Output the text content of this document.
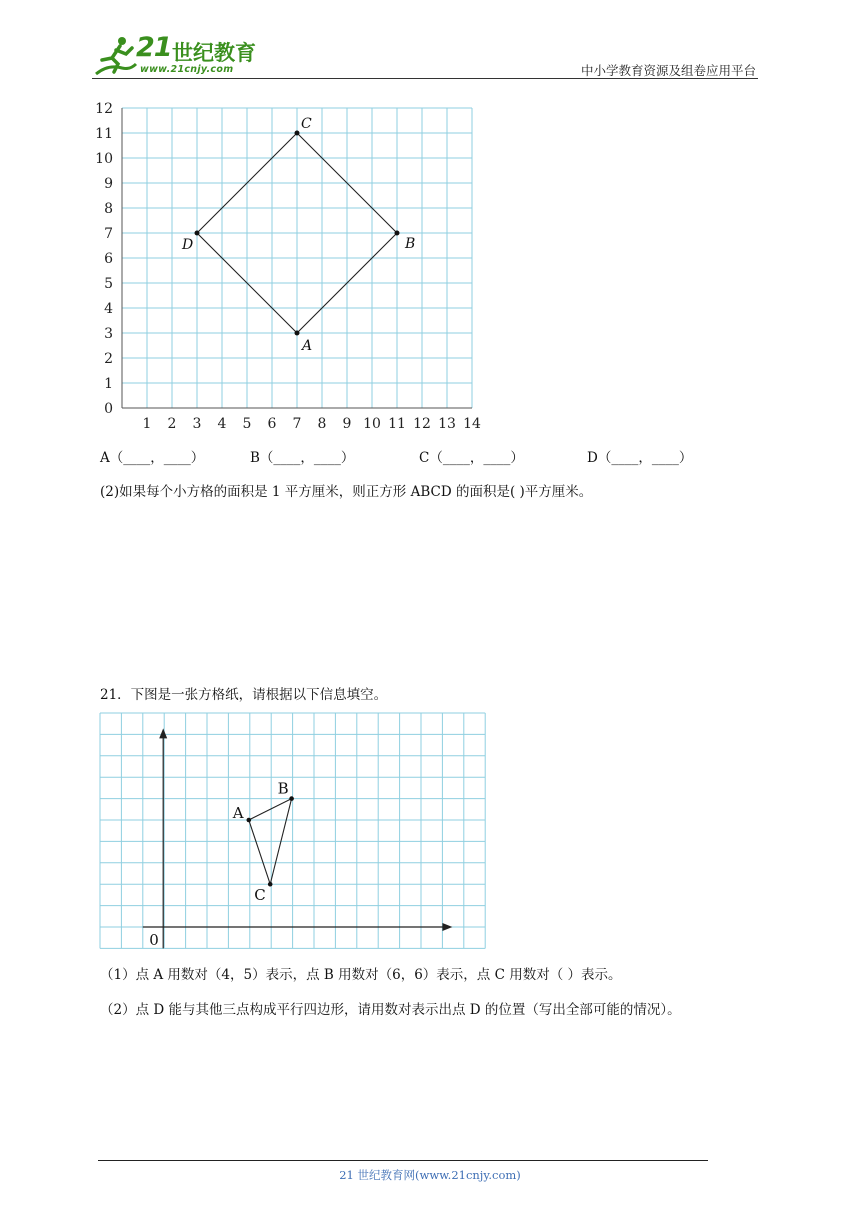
21 世纪教育
www.21cnjy.com	中小学教育资源及组卷应用平台
0
1
2
3
4
5
6
7
8
9
10
11
12
1 2 3 4 5 6 7 8 9 10 11 12 13 14
A
B
C
D
A（____，____）	B（____，____）	C（____，____）	D（____，____）
(2)如果每个小方格的面积是 1 平方厘米，则正方形 ABCD 的面积是( )平方厘米。
21．下图是一张方格纸，请根据以下信息填空。
0
A
B
C
（1）点 A 用数对（4，5）表示，点 B 用数对（6，6）表示，点 C 用数对（ ）表示。
（2）点 D 能与其他三点构成平行四边形，请用数对表示出点 D 的位置（写出全部可能的情况）。
21 世纪教育网(www.21cnjy.com)
